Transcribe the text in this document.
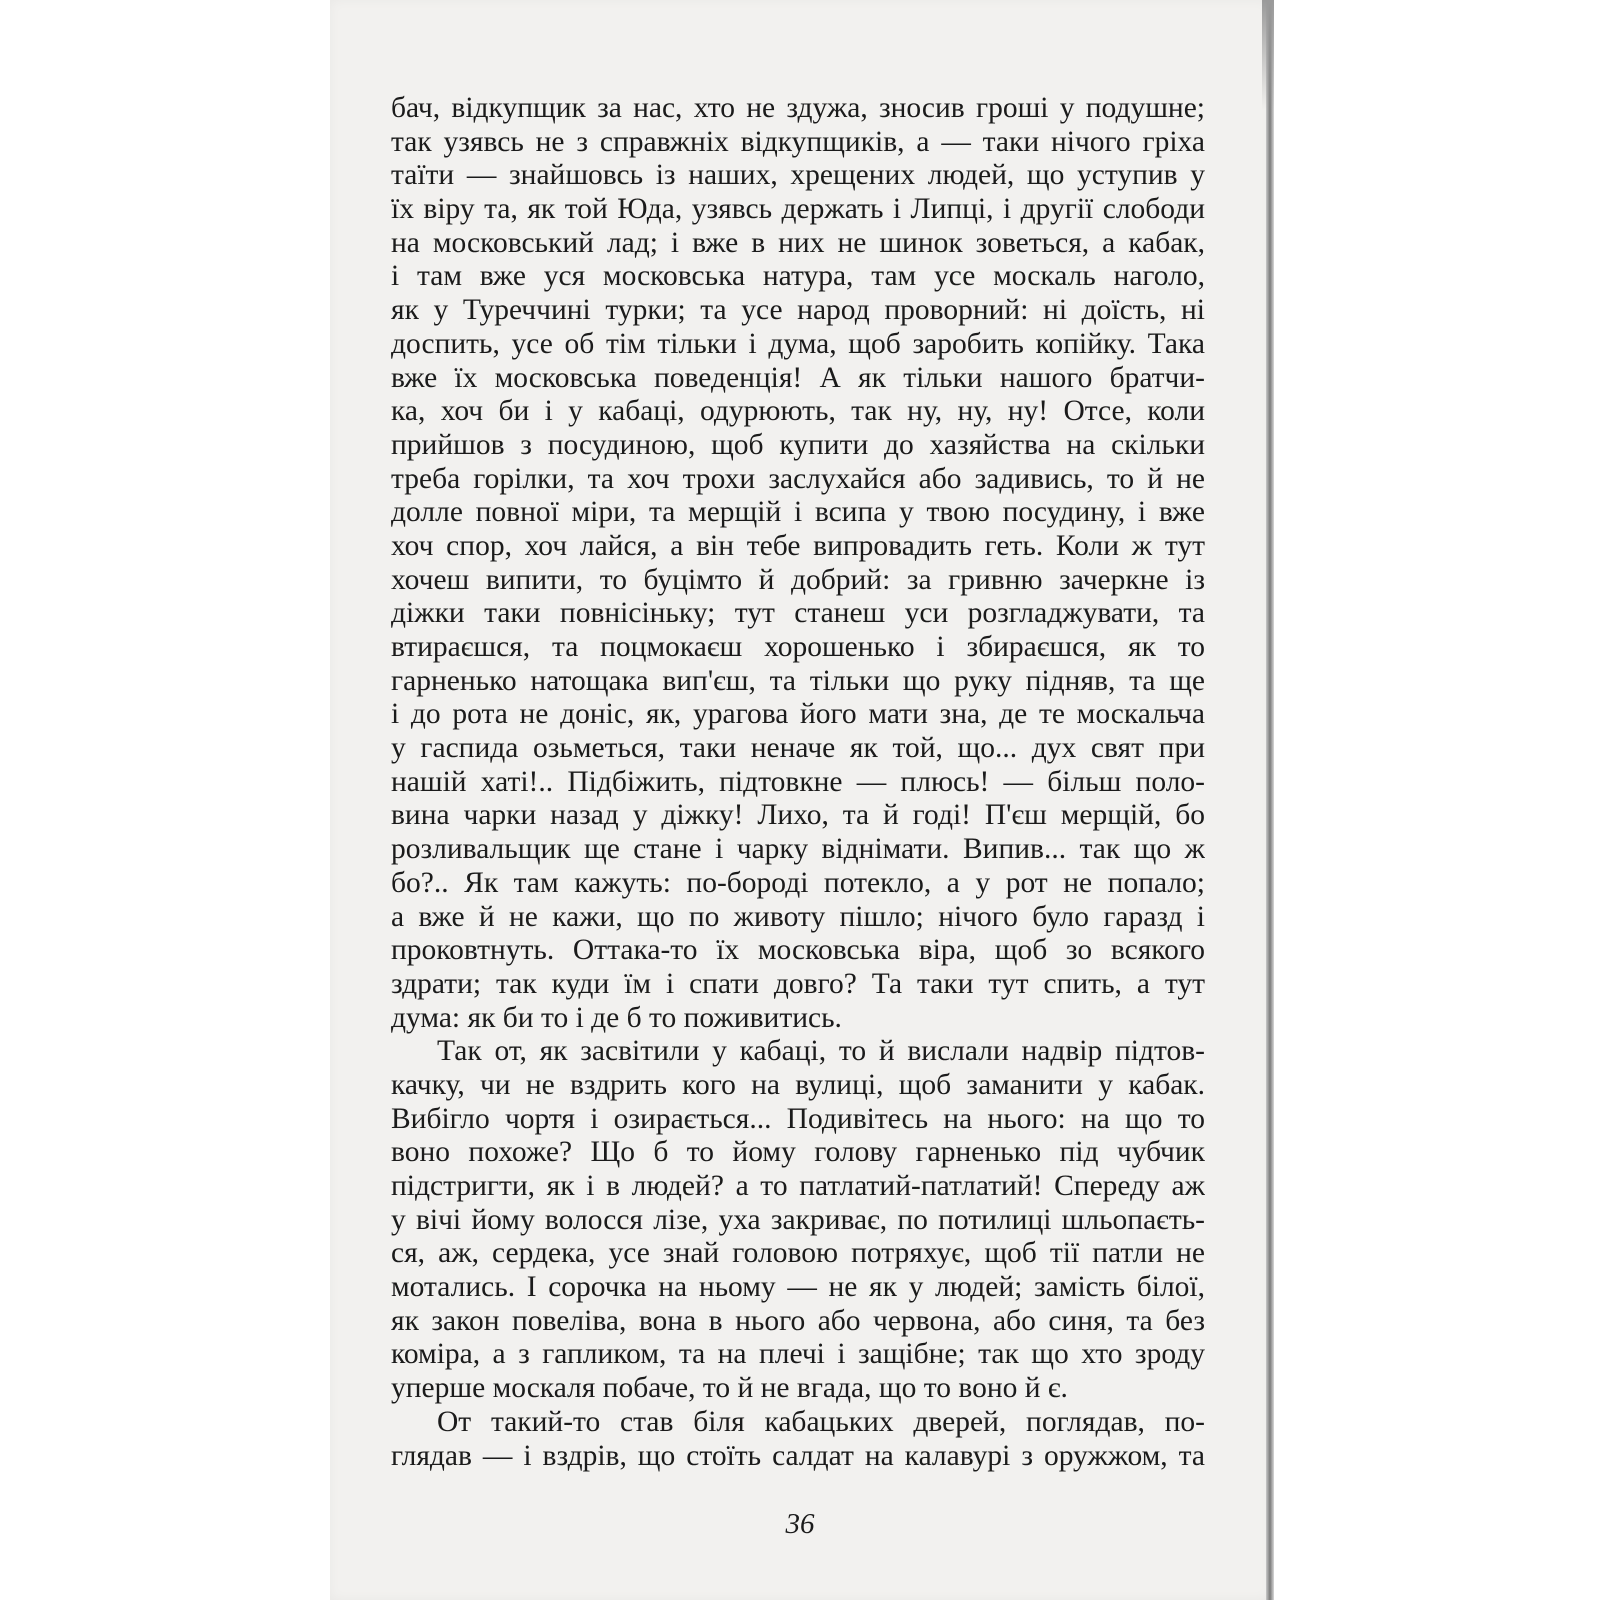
бач, відкупщик за нас, хто не здужа, зносив гроші у подушне;
так узявсь не з справжніх відкупщиків, а — таки нічого гріха
таїти — знайшовсь із наших, хрещених людей, що уступив у
їх віру та, як той Юда, узявсь держать і Липці, і другії слободи
на московський лад; і вже в них не шинок зоветься, а кабак,
і там вже уся московська натура, там усе москаль наголо,
як у Туреччині турки; та усе народ проворний: ні доїсть, ні
доспить, усе об тім тільки і дума, щоб заробить копійку. Така
вже їх московська поведенція! А як тільки нашого братчи-
ка, хоч би і у кабаці, одурюють, так ну, ну, ну! Отсе, коли
прийшов з посудиною, щоб купити до хазяйства на скільки
треба горілки, та хоч трохи заслухайся або задивись, то й не
долле повної міри, та мерщій і всипа у твою посудину, і вже
хоч спор, хоч лайся, а він тебе випровадить геть. Коли ж тут
хочеш випити, то буцімто й добрий: за гривню зачеркне із
діжки таки повнісіньку; тут станеш уси розгладжувати, та
втираєшся, та поцмокаєш хорошенько і збираєшся, як то
гарненько натощака вип'єш, та тільки що руку підняв, та ще
і до рота не доніс, як, урагова його мати зна, де те москальча
у гаспида озьметься, таки неначе як той, що... дух свят при
нашій хаті!.. Підбіжить, підтовкне — плюсь! — більш поло-
вина чарки назад у діжку! Лихо, та й годі! П'єш мерщій, бо
розливальщик ще стане і чарку віднімати. Випив... так що ж
бо?.. Як там кажуть: по-бороді потекло, а у рот не попало;
а вже й не кажи, що по животу пішло; нічого було гаразд і
проковтнуть. Оттака-то їх московська віра, щоб зо всякого
здрати; так куди їм і спати довго? Та таки тут спить, а тут
дума: як би то і де б то поживитись.
Так от, як засвітили у кабаці, то й вислали надвір підтов-
качку, чи не вздрить кого на вулиці, щоб заманити у кабак.
Вибігло чортя і озирається... Подивітесь на нього: на що то
воно похоже? Що б то йому голову гарненько під чубчик
підстригти, як і в людей? а то патлатий-патлатий! Спереду аж
у вічі йому волосся лізе, уха закриває, по потилиці шльопаєть-
ся, аж, сердека, усе знай головою потряхує, щоб тії патли не
мотались. І сорочка на ньому — не як у людей; замість білої,
як закон повеліва, вона в нього або червона, або синя, та без
коміра, а з гапликом, та на плечі і защібне; так що хто зроду
уперше москаля побаче, то й не вгада, що то воно й є.
От такий-то став біля кабацьких дверей, поглядав, по-
глядав — і вздрів, що стоїть салдат на калавурі з оружжом, та
36
